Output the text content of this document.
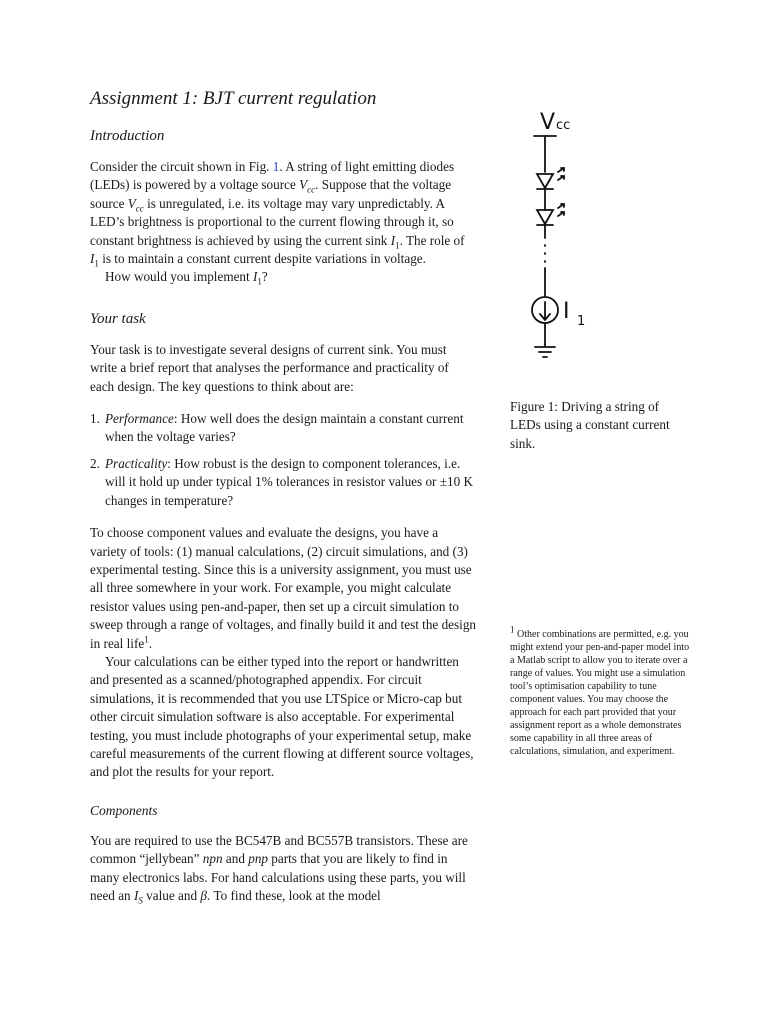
Assignment 1: BJT current regulation
Introduction

Consider the circuit shown in Fig. 1. A string of light emitting diodes (LEDs) is powered by a voltage source $V_{cc}$. Suppose that the voltage source $V_{cc}$ is unregulated, i.e. its voltage may vary unpredictably. A LED’s brightness is proportional to the current flowing through it, so constant brightness is achieved by using the current sink $I_1$. The role of $I_1$ is to maintain a constant current despite variations in voltage.

How would you implement $I_1$?

Your task

Your task is to investigate several designs of current sink. You must write a brief report that analyses the performance and practicality of each design. The key questions to think about are:

1. Performance: How well does the design maintain a constant current when the voltage varies?
2. Practicality: How robust is the design to component tolerances, i.e. will it hold up under typical 1% tolerances in resistor values or ±10 K changes in temperature?

To choose component values and evaluate the designs, you have a variety of tools: (1) manual calculations, (2) circuit simulations, and (3) experimental testing. Since this is a university assignment, you must use all three somewhere in your work. For example, you might calculate resistor values using pen-and-paper, then set up a circuit simulation to sweep through a range of voltages, and finally build it and test the design in real life$^1$.

Your calculations can be either typed into the report or handwritten and presented as a scanned/photographed appendix. For circuit simulations, it is recommended that you use LTSpice or Micro-cap but other circuit simulation software is also acceptable. For experimental testing, you must include photographs of your experimental setup, make careful measurements of the current flowing at different source voltages, and plot the results for your report.

Components

You are required to use the BC547B and BC557B transistors. These are common “jellybean” npn and pnp parts that you are likely to find in many electronics labs. For hand calculations using these parts, you will need an $I_S$ value and β. To find these, look at the model

V cc
I 1

Figure 1: Driving a string of LEDs using a constant current sink.

$^1$ Other combinations are permitted, e.g. you might extend your pen-and-paper model into a Matlab script to allow you to iterate over a range of values. You might use a simulation tool’s optimisation capability to tune component values. You may choose the approach for each part provided that your assignment report as a whole demonstrates some capability in all three areas of calculations, simulation, and experiment.
